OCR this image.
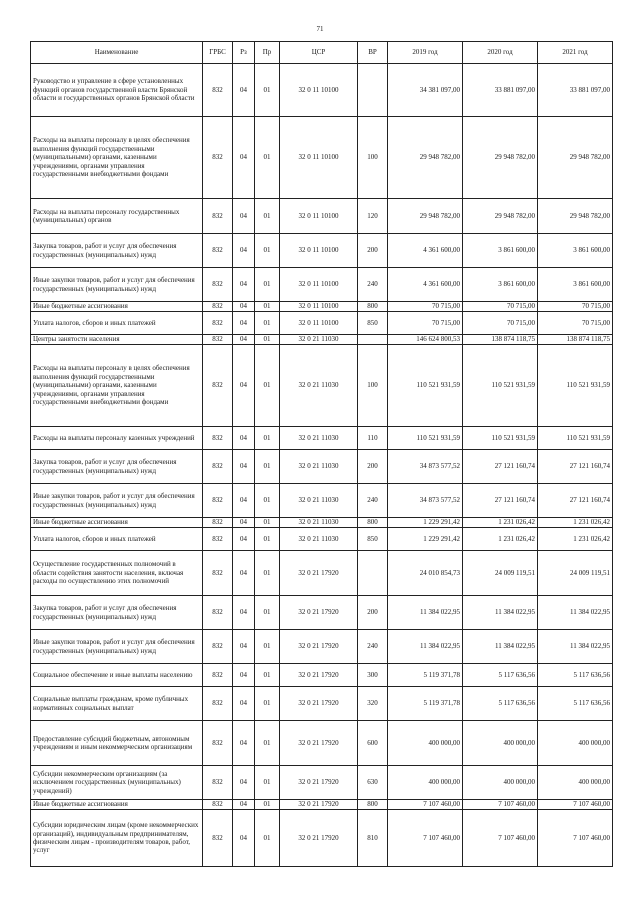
71
Наименование	ГРБС	Рз	Пр	ЦСР	ВР	2019 год	2020 год	2021 год
Руководство и управление в сфере установленных функций органов государственной власти Брянской области и государственных органов Брянской области	832	04	01	32 0 11 10100		34 381 097,00	33 881 097,00	33 881 097,00
Расходы на выплаты персоналу в целях обеспечения выполнения функций государственными (муниципальными) органами, казенными учреждениями, органами управления государственными внебюджетными фондами	832	04	01	32 0 11 10100	100	29 948 782,00	29 948 782,00	29 948 782,00
Расходы на выплаты персоналу государственных (муниципальных) органов	832	04	01	32 0 11 10100	120	29 948 782,00	29 948 782,00	29 948 782,00
Закупка товаров, работ и услуг для обеспечения государственных (муниципальных) нужд	832	04	01	32 0 11 10100	200	4 361 600,00	3 861 600,00	3 861 600,00
Иные закупки товаров, работ и услуг для обеспечения государственных (муниципальных) нужд	832	04	01	32 0 11 10100	240	4 361 600,00	3 861 600,00	3 861 600,00
Иные бюджетные ассигнования	832	04	01	32 0 11 10100	800	70 715,00	70 715,00	70 715,00
Уплата налогов, сборов и иных платежей	832	04	01	32 0 11 10100	850	70 715,00	70 715,00	70 715,00
Центры занятости населения	832	04	01	32 0 21 11030		146 624 800,53	138 874 118,75	138 874 118,75
Расходы на выплаты персоналу в целях обеспечения выполнения функций государственными (муниципальными) органами, казенными учреждениями, органами управления государственными внебюджетными фондами	832	04	01	32 0 21 11030	100	110 521 931,59	110 521 931,59	110 521 931,59
Расходы на выплаты персоналу казенных учреждений	832	04	01	32 0 21 11030	110	110 521 931,59	110 521 931,59	110 521 931,59
Закупка товаров, работ и услуг для обеспечения государственных (муниципальных) нужд	832	04	01	32 0 21 11030	200	34 873 577,52	27 121 160,74	27 121 160,74
Иные закупки товаров, работ и услуг для обеспечения государственных (муниципальных) нужд	832	04	01	32 0 21 11030	240	34 873 577,52	27 121 160,74	27 121 160,74
Иные бюджетные ассигнования	832	04	01	32 0 21 11030	800	1 229 291,42	1 231 026,42	1 231 026,42
Уплата налогов, сборов и иных платежей	832	04	01	32 0 21 11030	850	1 229 291,42	1 231 026,42	1 231 026,42
Осуществление государственных полномочий в области содействия занятости населения, включая расходы по осуществлению этих полномочий	832	04	01	32 0 21 17920		24 010 854,73	24 009 119,51	24 009 119,51
Закупка товаров, работ и услуг для обеспечения государственных (муниципальных) нужд	832	04	01	32 0 21 17920	200	11 384 022,95	11 384 022,95	11 384 022,95
Иные закупки товаров, работ и услуг для обеспечения государственных (муниципальных) нужд	832	04	01	32 0 21 17920	240	11 384 022,95	11 384 022,95	11 384 022,95
Социальное обеспечение и иные выплаты населению	832	04	01	32 0 21 17920	300	5 119 371,78	5 117 636,56	5 117 636,56
Социальные выплаты гражданам, кроме публичных нормативных социальных выплат	832	04	01	32 0 21 17920	320	5 119 371,78	5 117 636,56	5 117 636,56
Предоставление субсидий бюджетным, автономным учреждениям и иным некоммерческим организациям	832	04	01	32 0 21 17920	600	400 000,00	400 000,00	400 000,00
Субсидии некоммерческим организациям (за исключением государственных (муниципальных) учреждений)	832	04	01	32 0 21 17920	630	400 000,00	400 000,00	400 000,00
Иные бюджетные ассигнования	832	04	01	32 0 21 17920	800	7 107 460,00	7 107 460,00	7 107 460,00
Субсидии юридическим лицам (кроме некоммерческих организаций), индивидуальным предпринимателям, физическим лицам - производителям товаров, работ, услуг	832	04	01	32 0 21 17920	810	7 107 460,00	7 107 460,00	7 107 460,00
